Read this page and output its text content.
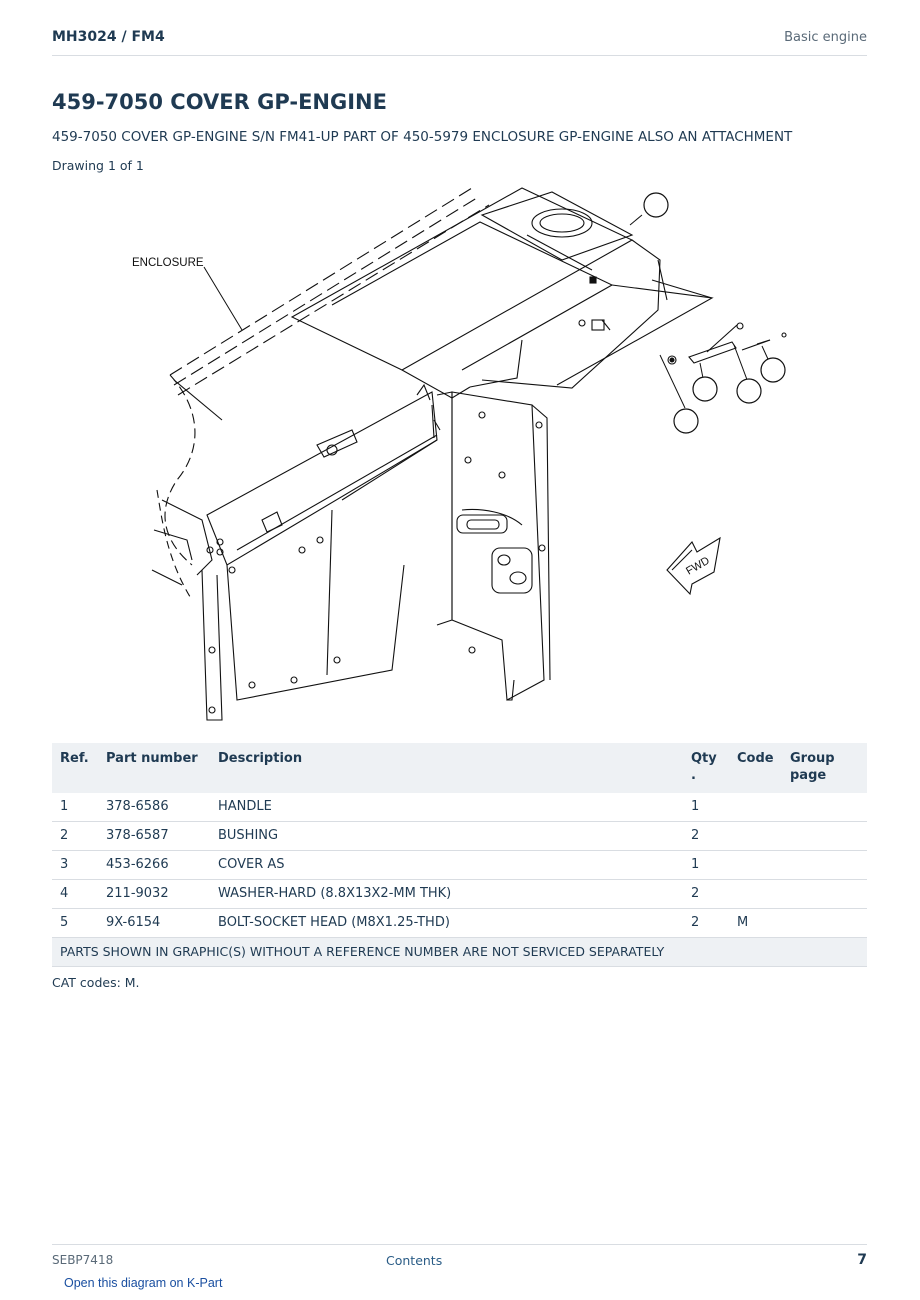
MH3024 / FM4	Basic engine
459-7050 COVER GP-ENGINE
459-7050 COVER GP-ENGINE S/N FM41-UP PART OF 450-5979 ENCLOSURE GP-ENGINE ALSO AN ATTACHMENT
Drawing 1 of 1
FWD
ENCLOSURE
Ref.	Part number	Description	Qty .	Code	Group page
1	378-6586	HANDLE	1		
2	378-6587	BUSHING	2		
3	453-6266	COVER AS	1		
4	211-9032	WASHER-HARD (8.8X13X2-MM THK)	2		
5	9X-6154	BOLT-SOCKET HEAD (M8X1.25-THD)	2	M	
PARTS SHOWN IN GRAPHIC(S) WITHOUT A REFERENCE NUMBER ARE NOT SERVICED SEPARATELY					
CAT codes: M.
SEBP7418	Contents	7
Open this diagram on K-Part
